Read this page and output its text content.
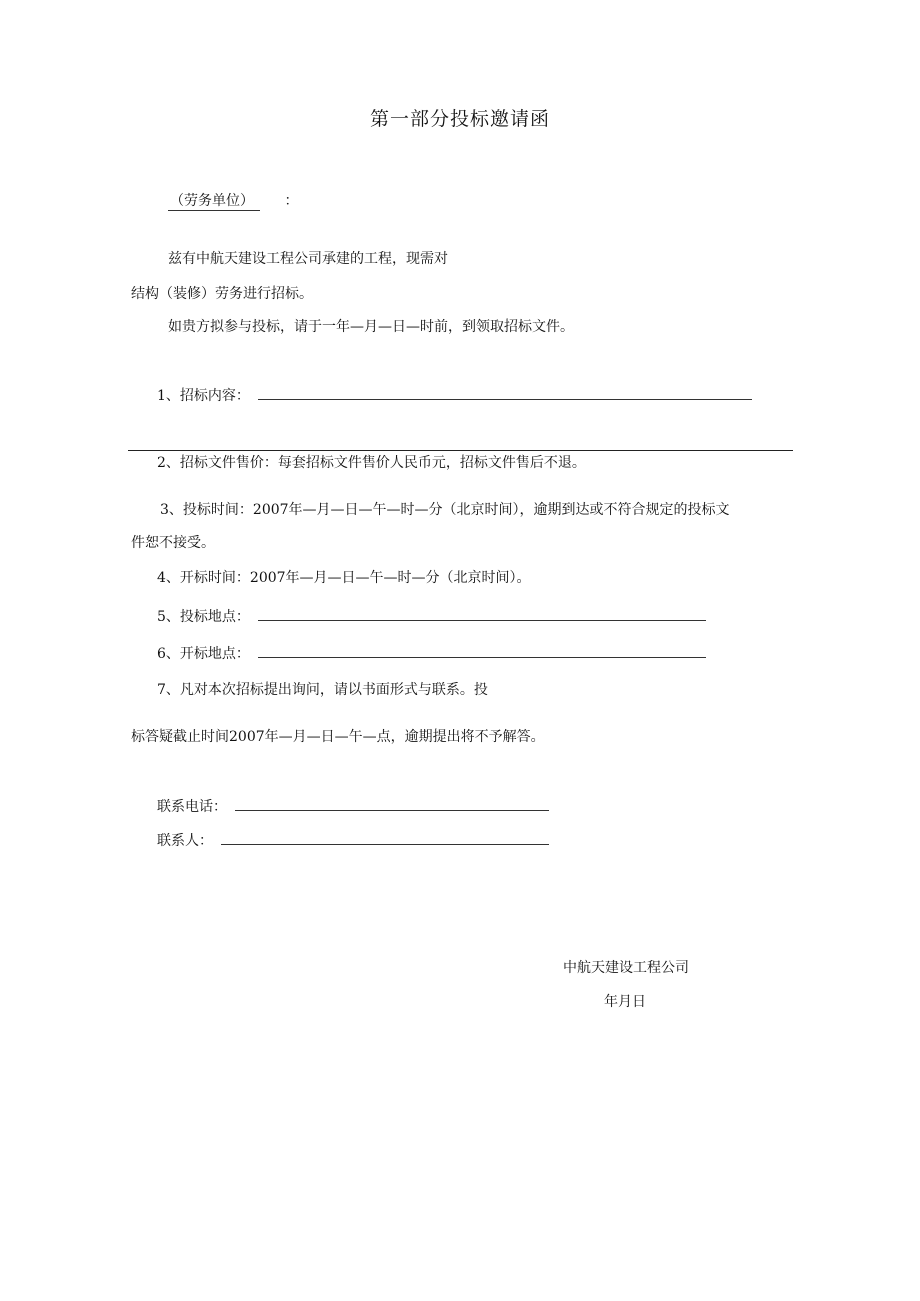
第一部分投标邀请函
（劳务单位） ：
兹有中航天建设工程公司承建的工程，现需对
结构（装修）劳务进行招标。
如贵方拟参与投标，请于一年—月—日—时前，到领取招标文件。
1、招标内容：
2、招标文件售价：每套招标文件售价人民币元，招标文件售后不退。
3、投标时间：2007年—月—日—午—时—分（北京时间），逾期到达或不符合规定的投标文
件恕不接受。
4、开标时间：2007年—月—日—午—时—分（北京时间）。
5、投标地点：
6、开标地点：
7、凡对本次招标提出询问，请以书面形式与联系。投
标答疑截止时间2007年—月—日—午—点，逾期提出将不予解答。
联系电话：
联系人：
中航天建设工程公司
年月日
